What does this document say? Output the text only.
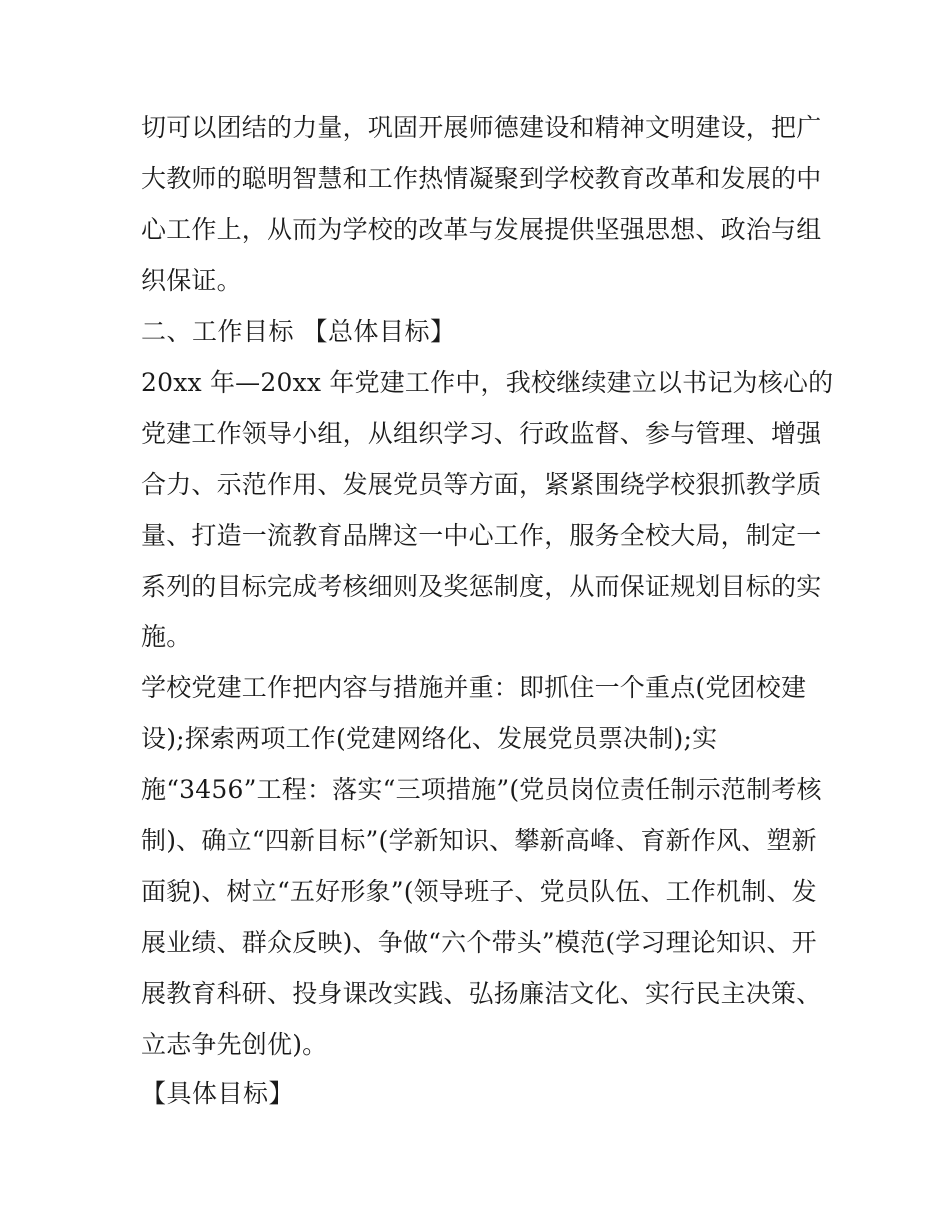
切可以团结的力量，巩固开展师德建设和精神文明建设，把广
大教师的聪明智慧和工作热情凝聚到学校教育改革和发展的中
心工作上，从而为学校的改革与发展提供坚强思想、政治与组
织保证。
二、工作目标 【总体目标】
20xx 年—20xx 年党建工作中，我校继续建立以书记为核心的
党建工作领导小组，从组织学习、行政监督、参与管理、增强
合力、示范作用、发展党员等方面，紧紧围绕学校狠抓教学质
量、打造一流教育品牌这一中心工作，服务全校大局，制定一
系列的目标完成考核细则及奖惩制度，从而保证规划目标的实
施。
学校党建工作把内容与措施并重：即抓住一个重点(党团校建
设);探索两项工作(党建网络化、发展党员票决制);实
施“3456”工程：落实“三项措施”(党员岗位责任制示范制考核
制)、确立“四新目标”(学新知识、攀新高峰、育新作风、塑新
面貌)、树立“五好形象”(领导班子、党员队伍、工作机制、发
展业绩、群众反映)、争做“六个带头”模范(学习理论知识、开
展教育科研、投身课改实践、弘扬廉洁文化、实行民主决策、
立志争先创优)。
【具体目标】
